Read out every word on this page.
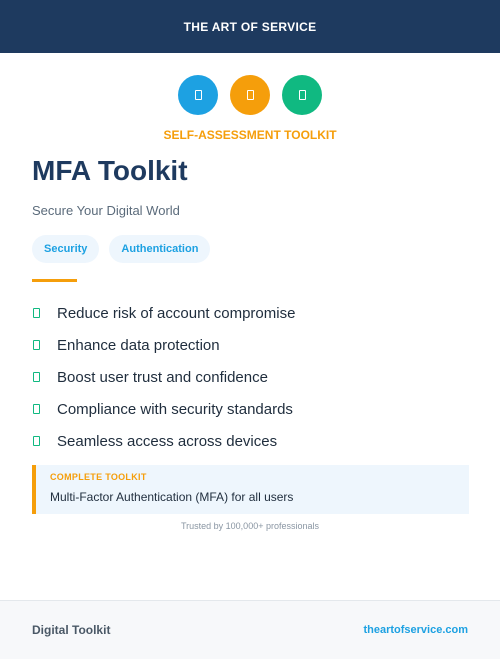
THE ART OF SERVICE
SELF-ASSESSMENT TOOLKIT
MFA Toolkit
Secure Your Digital World
Security	Authentication
Reduce risk of account compromise
Enhance data protection
Boost user trust and confidence
Compliance with security standards
Seamless access across devices
COMPLETE TOOLKIT
Multi-Factor Authentication (MFA) for all users
Trusted by 100,000+ professionals
Digital Toolkit	theartofservice.com
